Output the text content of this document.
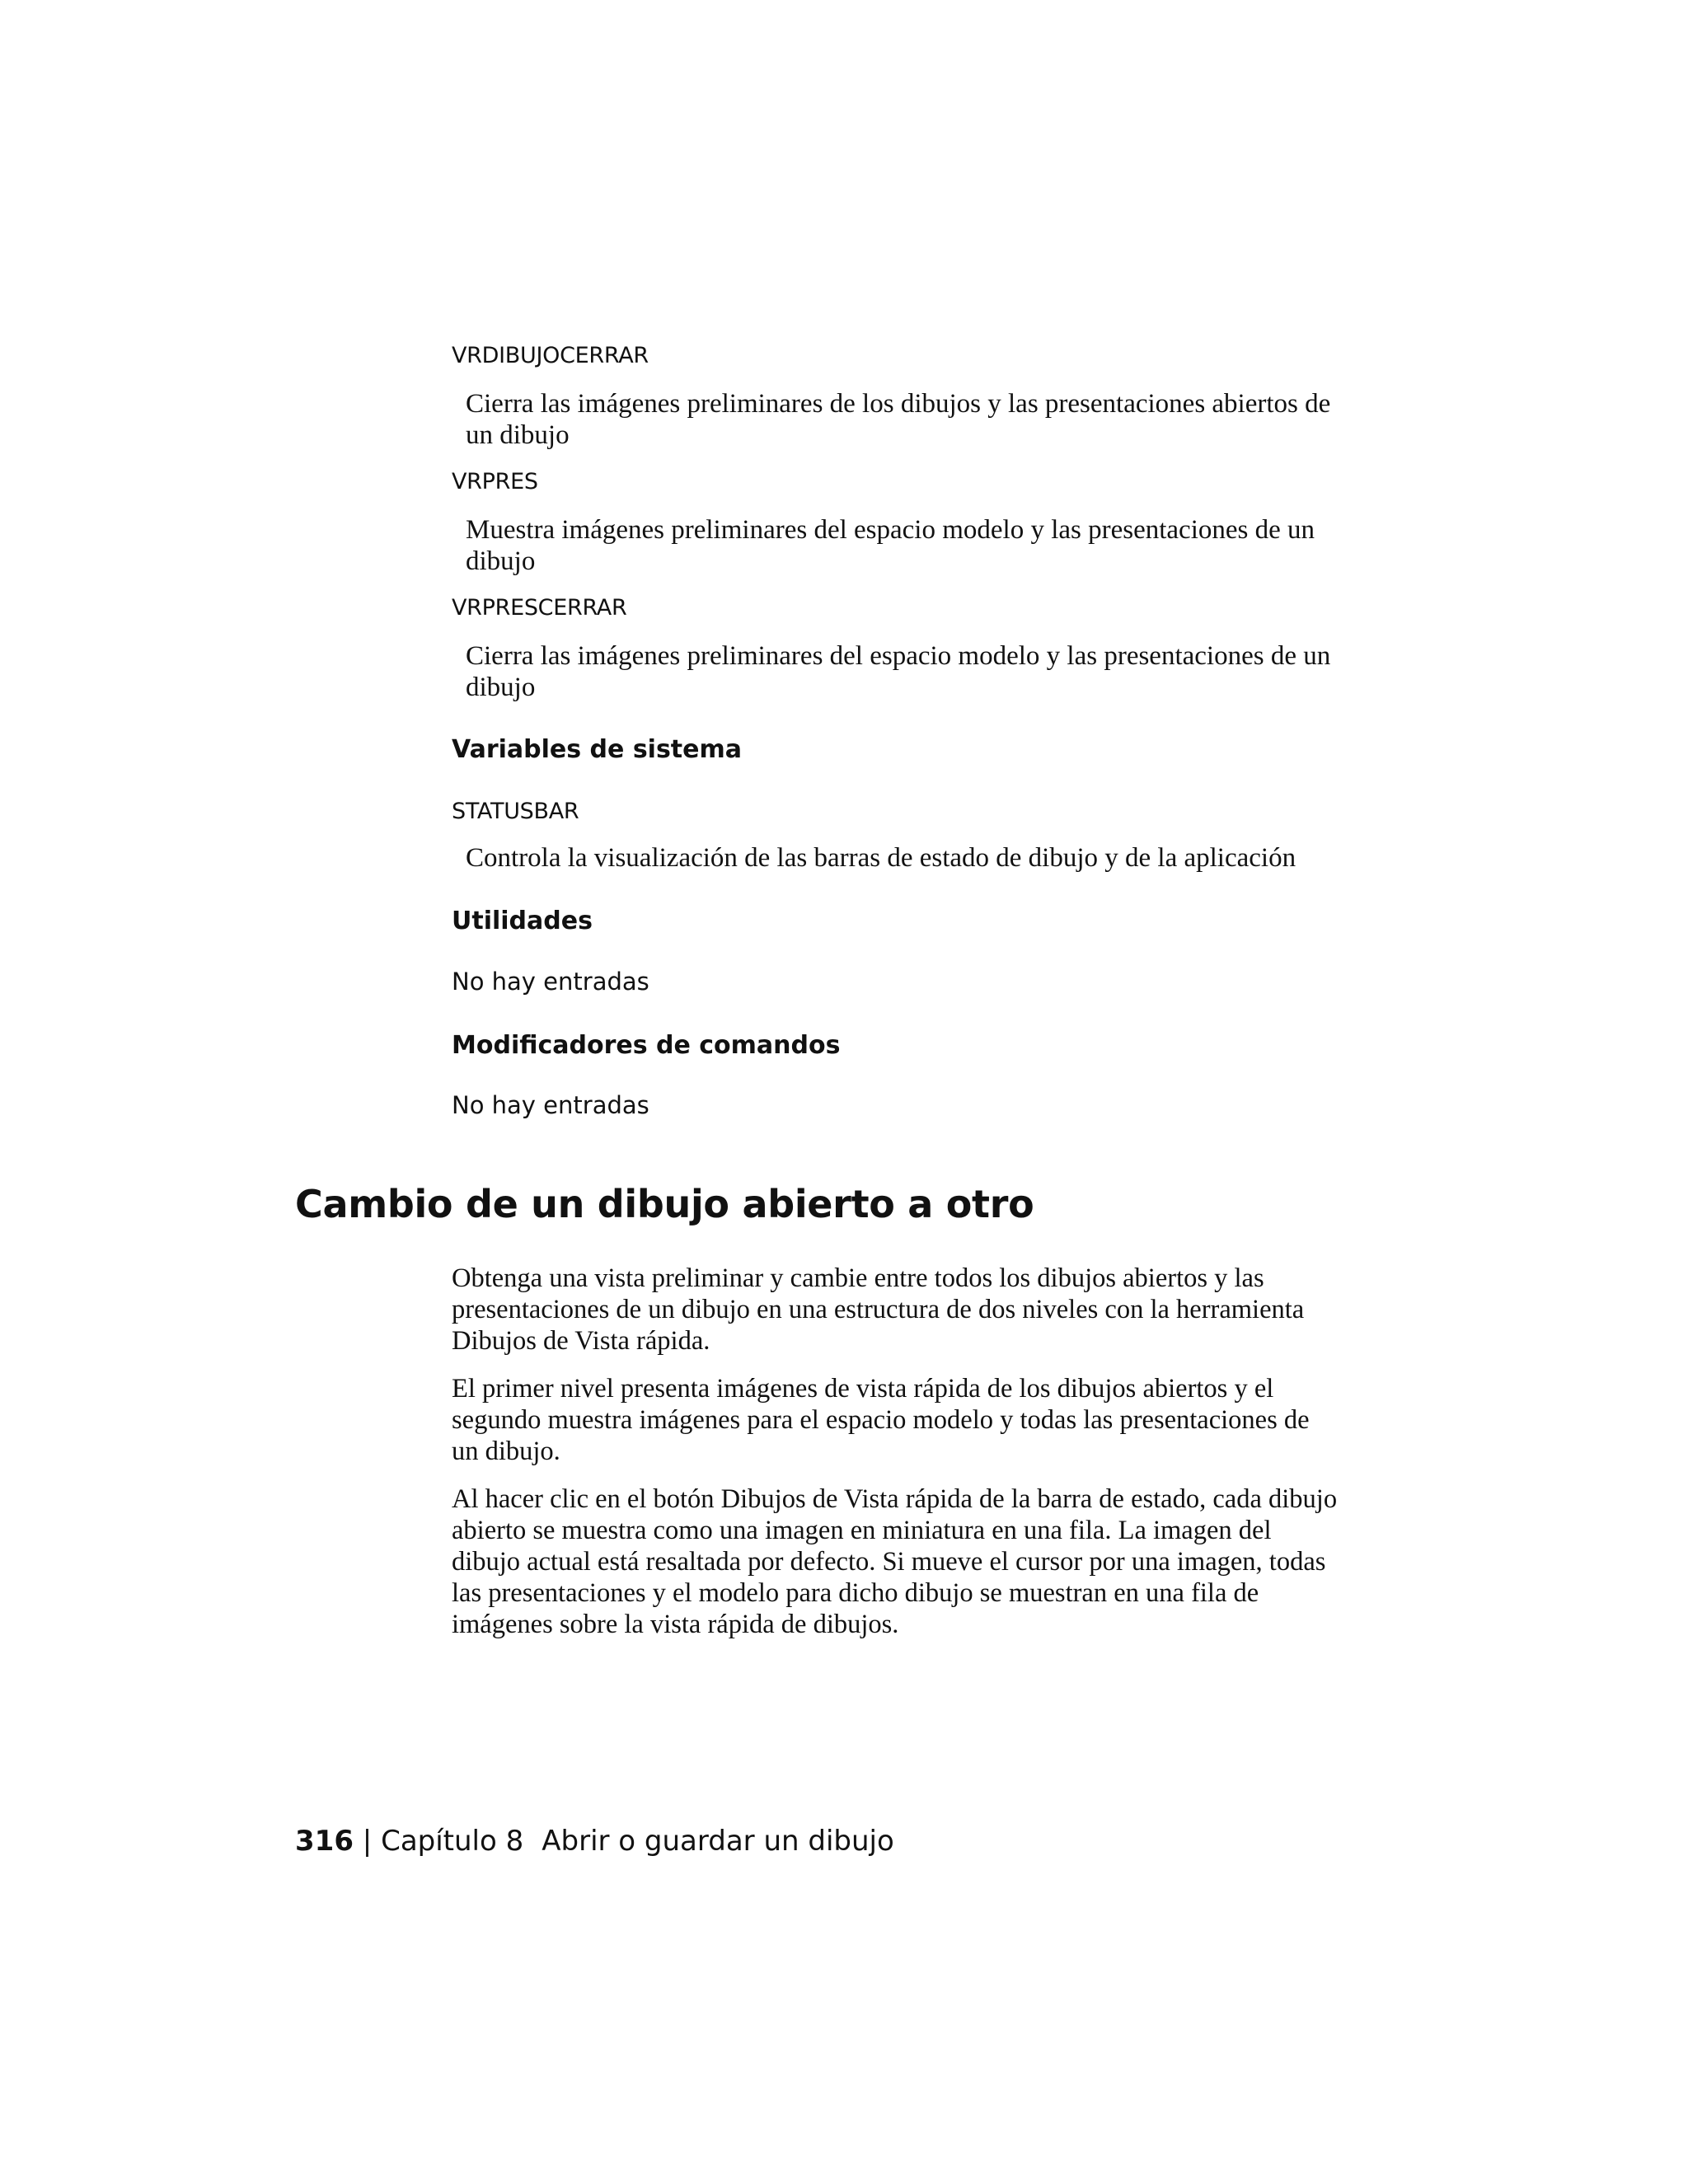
VRDIBUJOCERRAR
Cierra las imágenes preliminares de los dibujos y las presentaciones abiertos de un dibujo
VRPRES
Muestra imágenes preliminares del espacio modelo y las presentaciones de un dibujo
VRPRESCERRAR
Cierra las imágenes preliminares del espacio modelo y las presentaciones de un dibujo
Variables de sistema
STATUSBAR
Controla la visualización de las barras de estado de dibujo y de la aplicación
Utilidades
No hay entradas
Modificadores de comandos
No hay entradas
Cambio de un dibujo abierto a otro
Obtenga una vista preliminar y cambie entre todos los dibujos abiertos y las presentaciones de un dibujo en una estructura de dos niveles con la herramienta Dibujos de Vista rápida.
El primer nivel presenta imágenes de vista rápida de los dibujos abiertos y el segundo muestra imágenes para el espacio modelo y todas las presentaciones de un dibujo.
Al hacer clic en el botón Dibujos de Vista rápida de la barra de estado, cada dibujo abierto se muestra como una imagen en miniatura en una fila. La imagen del dibujo actual está resaltada por defecto. Si mueve el cursor por una imagen, todas las presentaciones y el modelo para dicho dibujo se muestran en una fila de imágenes sobre la vista rápida de dibujos.
316 | Capítulo 8 Abrir o guardar un dibujo
